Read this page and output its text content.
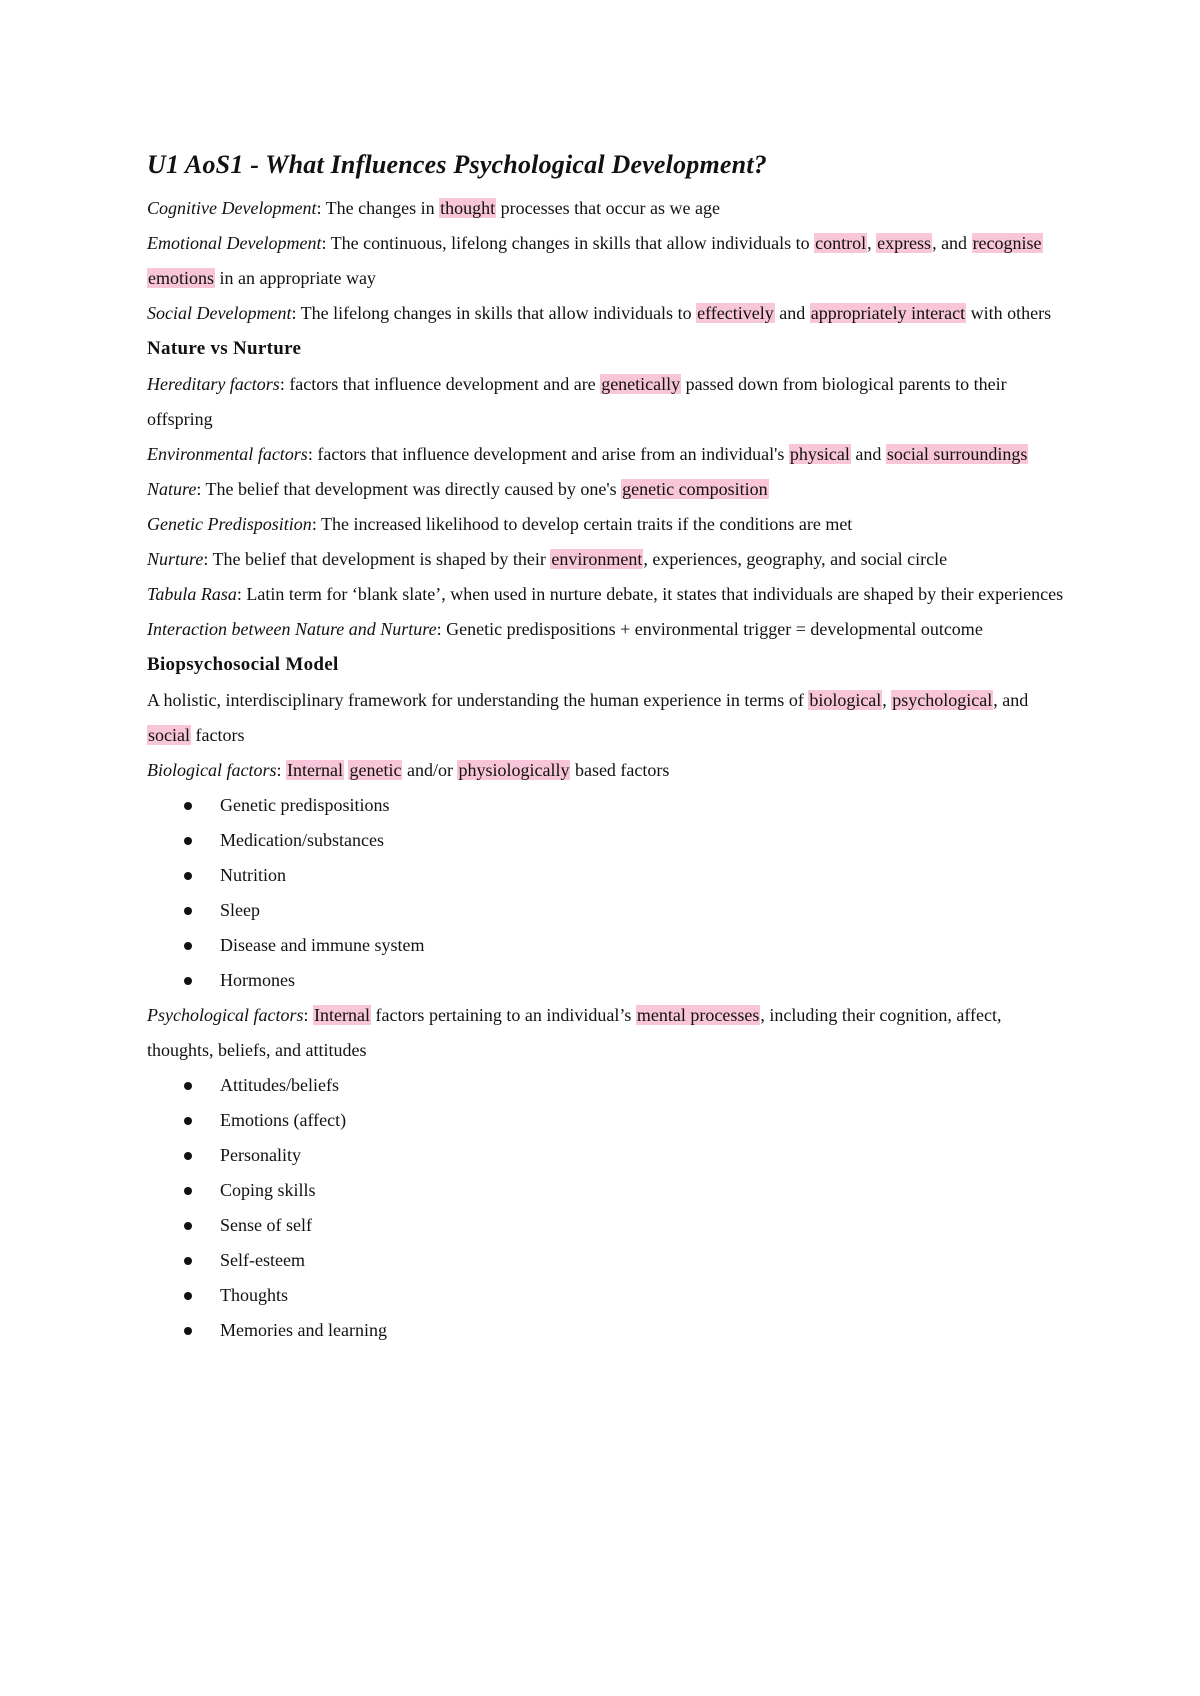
U1 AoS1 - What Influences Psychological Development?

Cognitive Development: The changes in thought processes that occur as we age

Emotional Development: The continuous, lifelong changes in skills that allow individuals to control, express, and recognise emotions in an appropriate way

Social Development: The lifelong changes in skills that allow individuals to effectively and appropriately interact with others

Nature vs Nurture

Hereditary factors: factors that influence development and are genetically passed down from biological parents to their offspring

Environmental factors: factors that influence development and arise from an individual's physical and social surroundings

Nature: The belief that development was directly caused by one's genetic composition

Genetic Predisposition: The increased likelihood to develop certain traits if the conditions are met

Nurture: The belief that development is shaped by their environment, experiences, geography, and social circle

Tabula Rasa: Latin term for ‘blank slate’, when used in nurture debate, it states that individuals are shaped by their experiences

Interaction between Nature and Nurture: Genetic predispositions + environmental trigger = developmental outcome

Biopsychosocial Model

A holistic, interdisciplinary framework for understanding the human experience in terms of biological, psychological, and social factors

Biological factors: Internal genetic and/or physiologically based factors

Genetic predispositions
Medication/substances
Nutrition
Sleep
Disease and immune system
Hormones

Psychological factors: Internal factors pertaining to an individual’s mental processes, including their cognition, affect, thoughts, beliefs, and attitudes

Attitudes/beliefs
Emotions (affect)
Personality
Coping skills
Sense of self
Self-esteem
Thoughts
Memories and learning
